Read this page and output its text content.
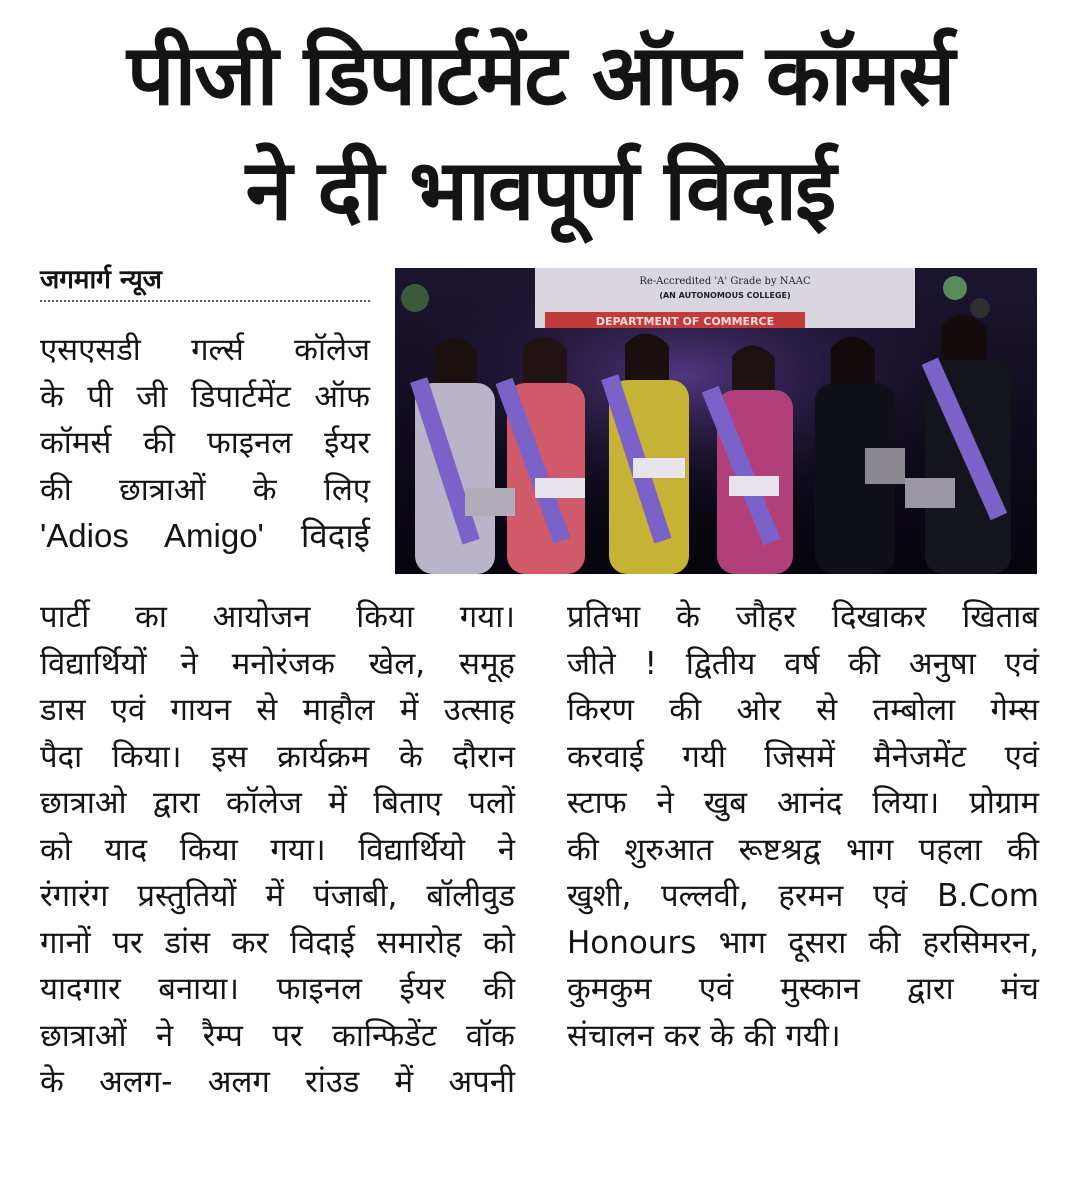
पीजी डिपार्टमेंट ऑफ कॉमर्स
ने दी भावपूर्ण विदाई
जगमार्ग न्यूज	Re-Accredited 'A' Grade by NAAC
(AN AUTONOMOUS COLLEGE)
DEPARTMENT OF COMMERCE
एसएसडी गर्ल्स कॉलेज
के पी जी डिपार्टमेंट ऑफ
कॉमर्स की फाइनल ईयर
की छात्राओं के लिए
'Adios Amigo' विदाई
पार्टी का आयोजन किया गया।
विद्यार्थियों ने मनोरंजक खेल, समूह
डास एवं गायन से माहौल में उत्साह
पैदा किया। इस क्रार्यक्रम के दौरान
छात्राओ द्वारा कॉलेज में बिताए पलों
को याद किया गया। विद्यार्थियो ने
रंगारंग प्रस्तुतियों में पंजाबी, बॉलीवुड
गानों पर डांस कर विदाई समारोह को
यादगार बनाया। फाइनल ईयर की
छात्राओं ने रैम्प पर कान्फिडेंट वॉक
के अलग- अलग रांउड में अपनी
प्रतिभा के जौहर दिखाकर खिताब
जीते ! द्वितीय वर्ष की अनुषा एवं
किरण की ओर से तम्बोला गेम्स
करवाई गयी जिसमें मैनेजमेंट एवं
स्टाफ ने खुब आनंद लिया। प्रोग्राम
की शुरुआत रूष्टश्रद्व भाग पहला की
खुशी, पल्लवी, हरमन एवं B.Com
Honours भाग दूसरा की हरसिमरन,
कुमकुम एवं मुस्कान द्वारा मंच
संचालन कर के की गयी।
